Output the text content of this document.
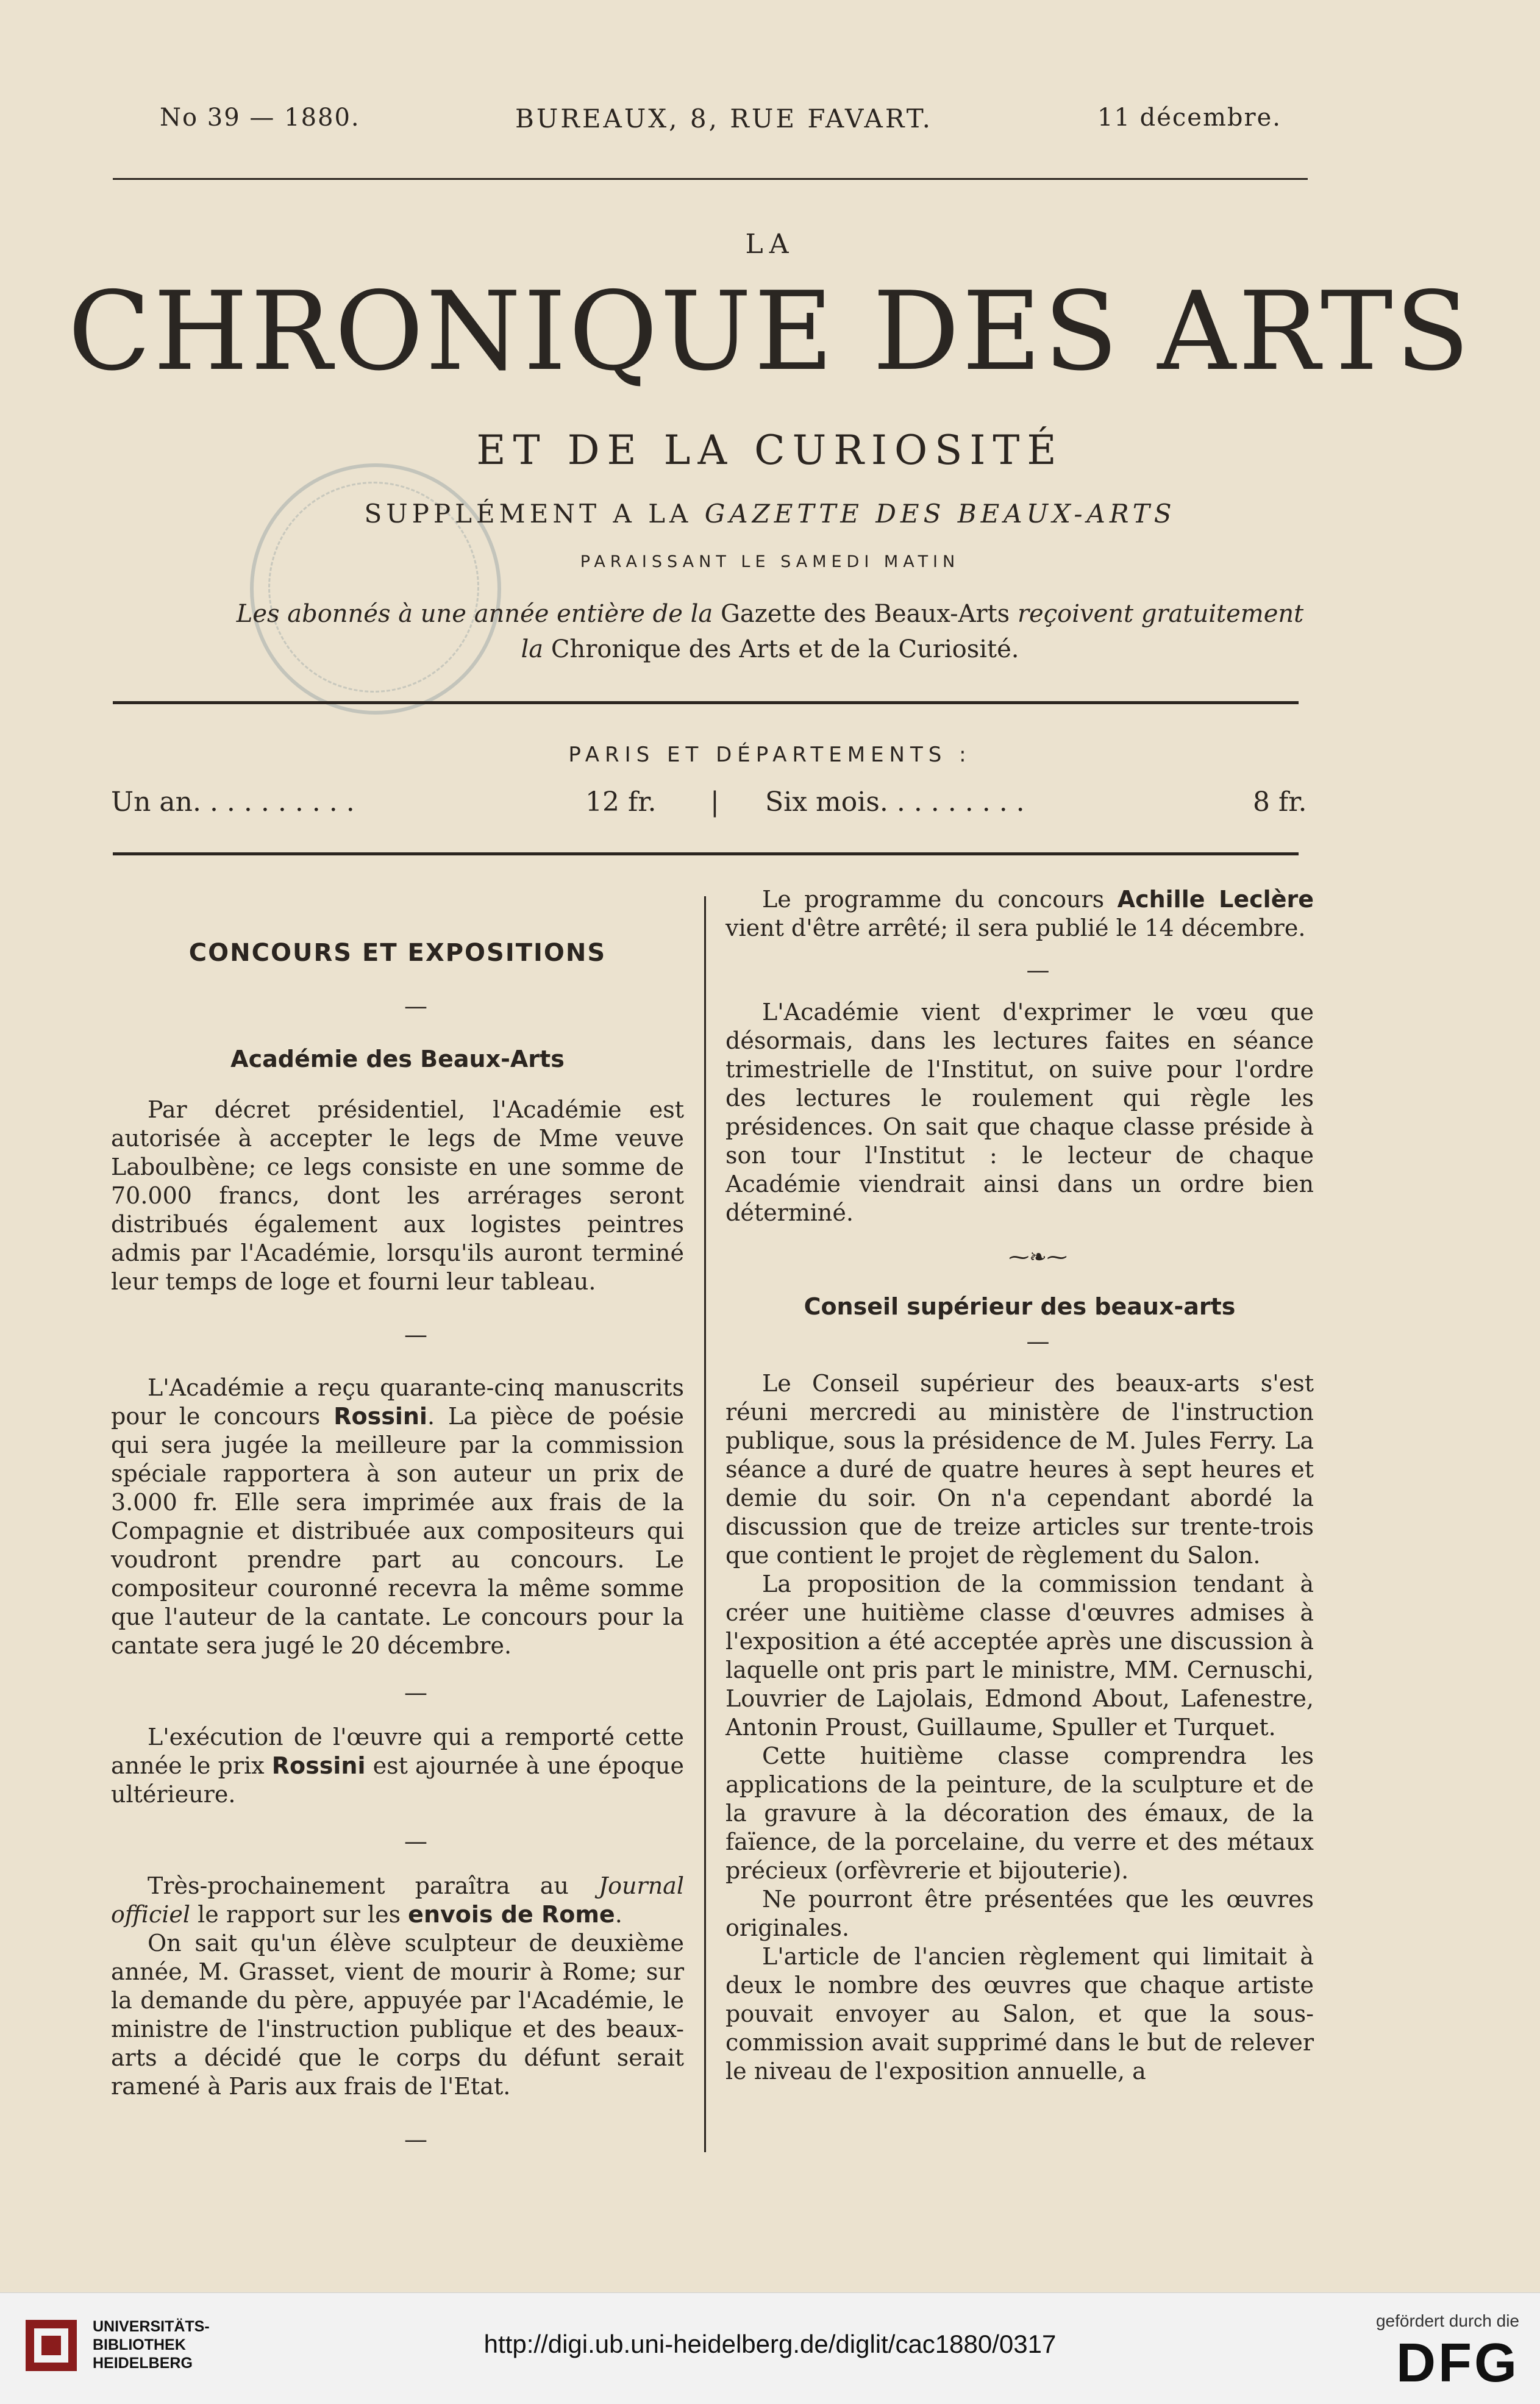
No 39 — 1880.	BUREAUX, 8, RUE FAVART.	11 décembre.
LA
CHRONIQUE DES ARTS
ET DE LA CURIOSITÉ
SUPPLÉMENT A LA GAZETTE DES BEAUX-ARTS
PARAISSANT LE SAMEDI MATIN
Les abonnés à une année entière de la Gazette des Beaux-Arts reçoivent gratuitement
la Chronique des Arts et de la Curiosité.
PARIS ET DÉPARTEMENTS :
Un an. . . . . . . . . .	12 fr. | Six mois. . . . . . . . .	8 fr.
CONCOURS ET EXPOSITIONS

—

Académie des Beaux-Arts

Par décret présidentiel, l'Académie est autorisée à accepter le legs de Mme veuve Laboulbène; ce legs consiste en une somme de 70.000 francs, dont les arrérages seront distribués également aux logistes peintres admis par l'Académie, lorsqu'ils auront terminé leur temps de loge et fourni leur tableau.

—

L'Académie a reçu quarante-cinq manuscrits pour le concours Rossini. La pièce de poésie qui sera jugée la meilleure par la commission spéciale rapportera à son auteur un prix de 3.000 fr. Elle sera imprimée aux frais de la Compagnie et distribuée aux compositeurs qui voudront prendre part au concours. Le compositeur couronné recevra la même somme que l'auteur de la cantate. Le concours pour la cantate sera jugé le 20 décembre.

—

L'exécution de l'œuvre qui a remporté cette année le prix Rossini est ajournée à une époque ultérieure.

—

Très-prochainement paraîtra au Journal officiel le rapport sur les envois de Rome.

On sait qu'un élève sculpteur de deuxième année, M. Grasset, vient de mourir à Rome; sur la demande du père, appuyée par l'Académie, le ministre de l'instruction publique et des beaux-arts a décidé que le corps du défunt serait ramené à Paris aux frais de l'Etat.

—

Le programme du concours Achille Leclère vient d'être arrêté; il sera publié le 14 décembre.

—

L'Académie vient d'exprimer le vœu que désormais, dans les lectures faites en séance trimestrielle de l'Institut, on suive pour l'ordre des lectures le roulement qui règle les présidences. On sait que chaque classe préside à son tour l'Institut : le lecteur de chaque Académie viendrait ainsi dans un ordre bien déterminé.

⁓❧⁓

Conseil supérieur des beaux-arts

—

Le Conseil supérieur des beaux-arts s'est réuni mercredi au ministère de l'instruction publique, sous la présidence de M. Jules Ferry. La séance a duré de quatre heures à sept heures et demie du soir. On n'a cependant abordé la discussion que de treize articles sur trente-trois que contient le projet de règlement du Salon.

La proposition de la commission tendant à créer une huitième classe d'œuvres admises à l'exposition a été acceptée après une discussion à laquelle ont pris part le ministre, MM. Cernuschi, Louvrier de Lajolais, Edmond About, Lafenestre, Antonin Proust, Guillaume, Spuller et Turquet.

Cette huitième classe comprendra les applications de la peinture, de la sculpture et de la gravure à la décoration des émaux, de la faïence, de la porcelaine, du verre et des métaux précieux (orfèvrerie et bijouterie).

Ne pourront être présentées que les œuvres originales.

L'article de l'ancien règlement qui limitait à deux le nombre des œuvres que chaque artiste pouvait envoyer au Salon, et que la sous-commission avait supprimé dans le but de relever le niveau de l'exposition annuelle, a

UNIVERSITÄTS-
BIBLIOTHEK
HEIDELBERG
http://digi.ub.uni-heidelberg.de/diglit/cac1880/0317
gefördert durch die
DFG
